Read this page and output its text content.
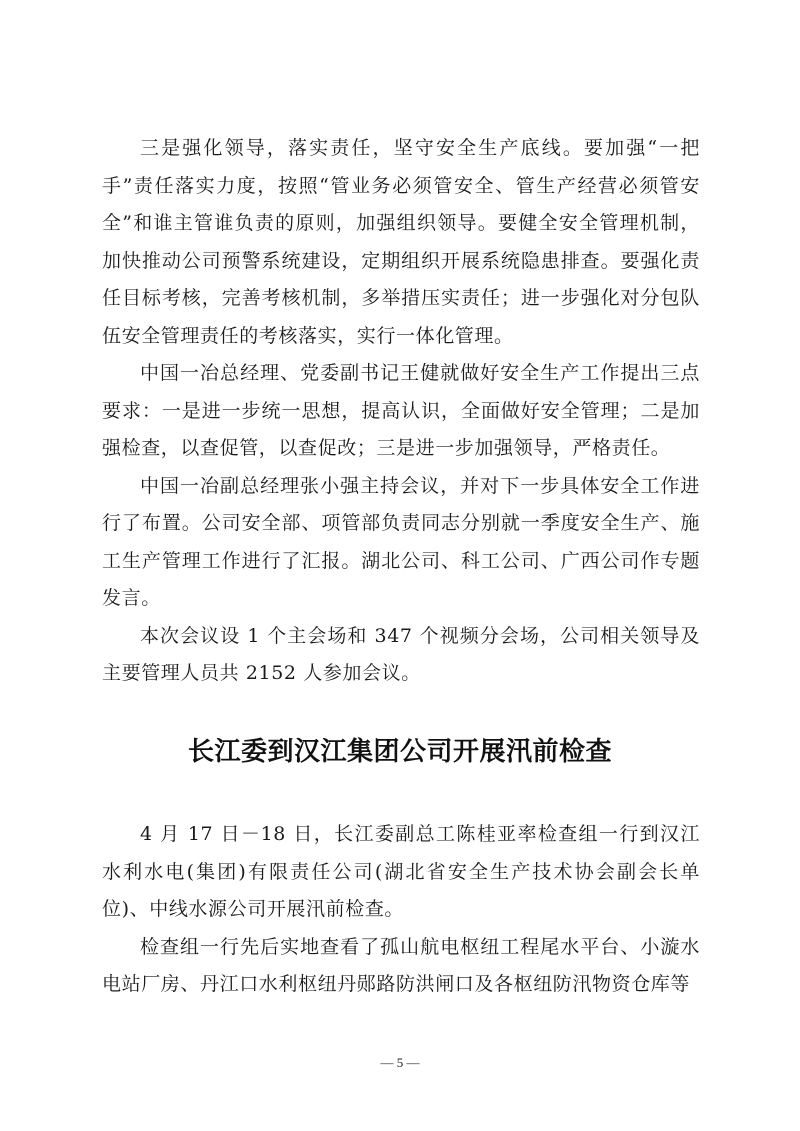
三是强化领导，落实责任，坚守安全生产底线。要加强“一把手”责任落实力度，按照“管业务必须管安全、管生产经营必须管安全”和谁主管谁负责的原则，加强组织领导。要健全安全管理机制，加快推动公司预警系统建设，定期组织开展系统隐患排查。要强化责任目标考核，完善考核机制，多举措压实责任；进一步强化对分包队伍安全管理责任的考核落实，实行一体化管理。

中国一冶总经理、党委副书记王健就做好安全生产工作提出三点要求：一是进一步统一思想，提高认识，全面做好安全管理；二是加强检查，以查促管，以查促改；三是进一步加强领导，严格责任。

中国一冶副总经理张小强主持会议，并对下一步具体安全工作进行了布置。公司安全部、项管部负责同志分别就一季度安全生产、施工生产管理工作进行了汇报。湖北公司、科工公司、广西公司作专题发言。

本次会议设 1 个主会场和 347 个视频分会场，公司相关领导及主要管理人员共 2152 人参加会议。

长江委到汉江集团公司开展汛前检查

4 月 17 日－18 日，长江委副总工陈桂亚率检查组一行到汉江水利水电(集团)有限责任公司(湖北省安全生产技术协会副会长单位)、中线水源公司开展汛前检查。

检查组一行先后实地查看了孤山航电枢纽工程尾水平台、小漩水电站厂房、丹江口水利枢纽丹郧路防洪闸口及各枢纽防汛物资仓库等

— 5 —
